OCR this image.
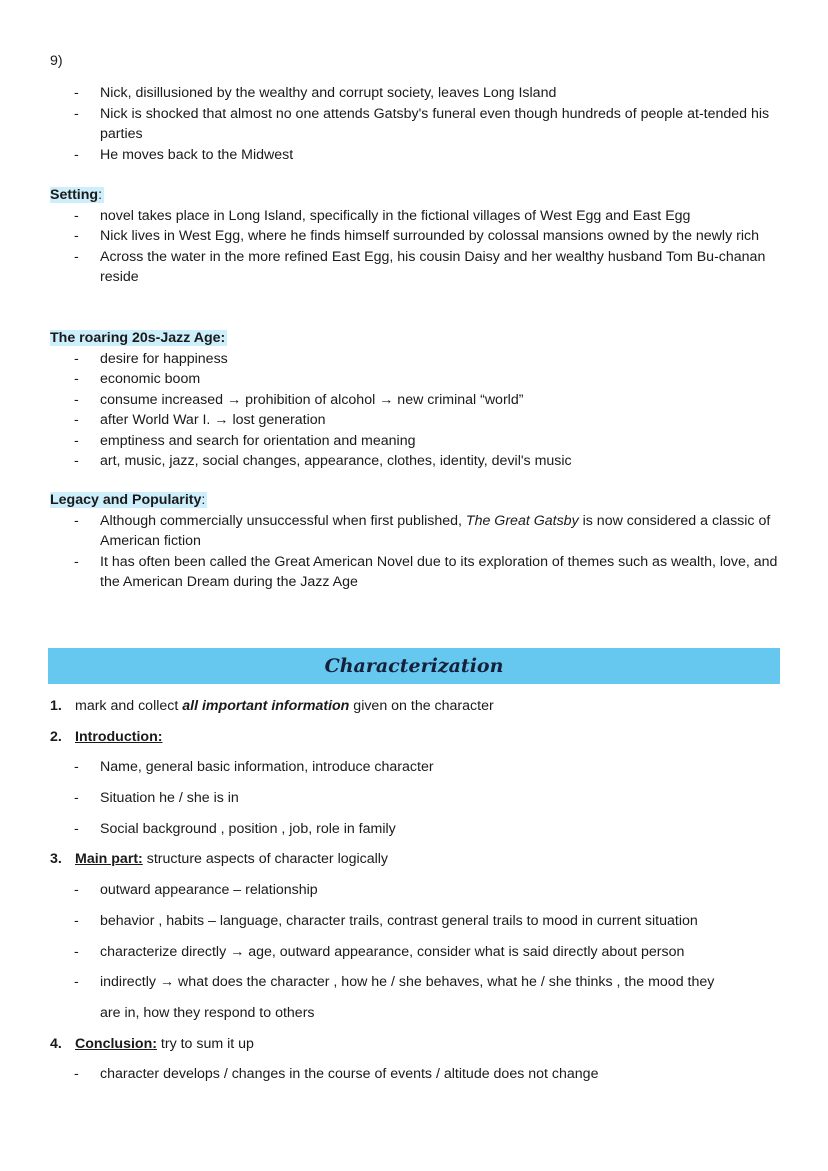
9)
- Nick, disillusioned by the wealthy and corrupt society, leaves Long Island
- Nick is shocked that almost no one attends Gatsby's funeral even though hundreds of people at-tended his parties
- He moves back to the Midwest
Setting:
- novel takes place in Long Island, specifically in the fictional villages of West Egg and East Egg
- Nick lives in West Egg, where he finds himself surrounded by colossal mansions owned by the newly rich
- Across the water in the more refined East Egg, his cousin Daisy and her wealthy husband Tom Bu-chanan reside
The roaring 20s-Jazz Age:
- desire for happiness
- economic boom
- consume increased → prohibition of alcohol → new criminal “world”
- after World War I. → lost generation
- emptiness and search for orientation and meaning
- art, music, jazz, social changes, appearance, clothes, identity, devil's music
Legacy and Popularity:
- Although commercially unsuccessful when first published, The Great Gatsby is now considered a classic of American fiction
- It has often been called the Great American Novel due to its exploration of themes such as wealth, love, and the American Dream during the Jazz Age
Characterization
1. mark and collect all important information given on the character
2. Introduction:
- Name, general basic information, introduce character
- Situation he / she is in
- Social background , position , job, role in family
3. Main part: structure aspects of character logically
- outward appearance – relationship
- behavior , habits – language, character trails, contrast general trails to mood in current situation
- characterize directly → age, outward appearance, consider what is said directly about person
- indirectly → what does the character , how he / she behaves, what he / she thinks , the mood they
are in, how they respond to others
4. Conclusion: try to sum it up
- character develops / changes in the course of events / altitude does not change
